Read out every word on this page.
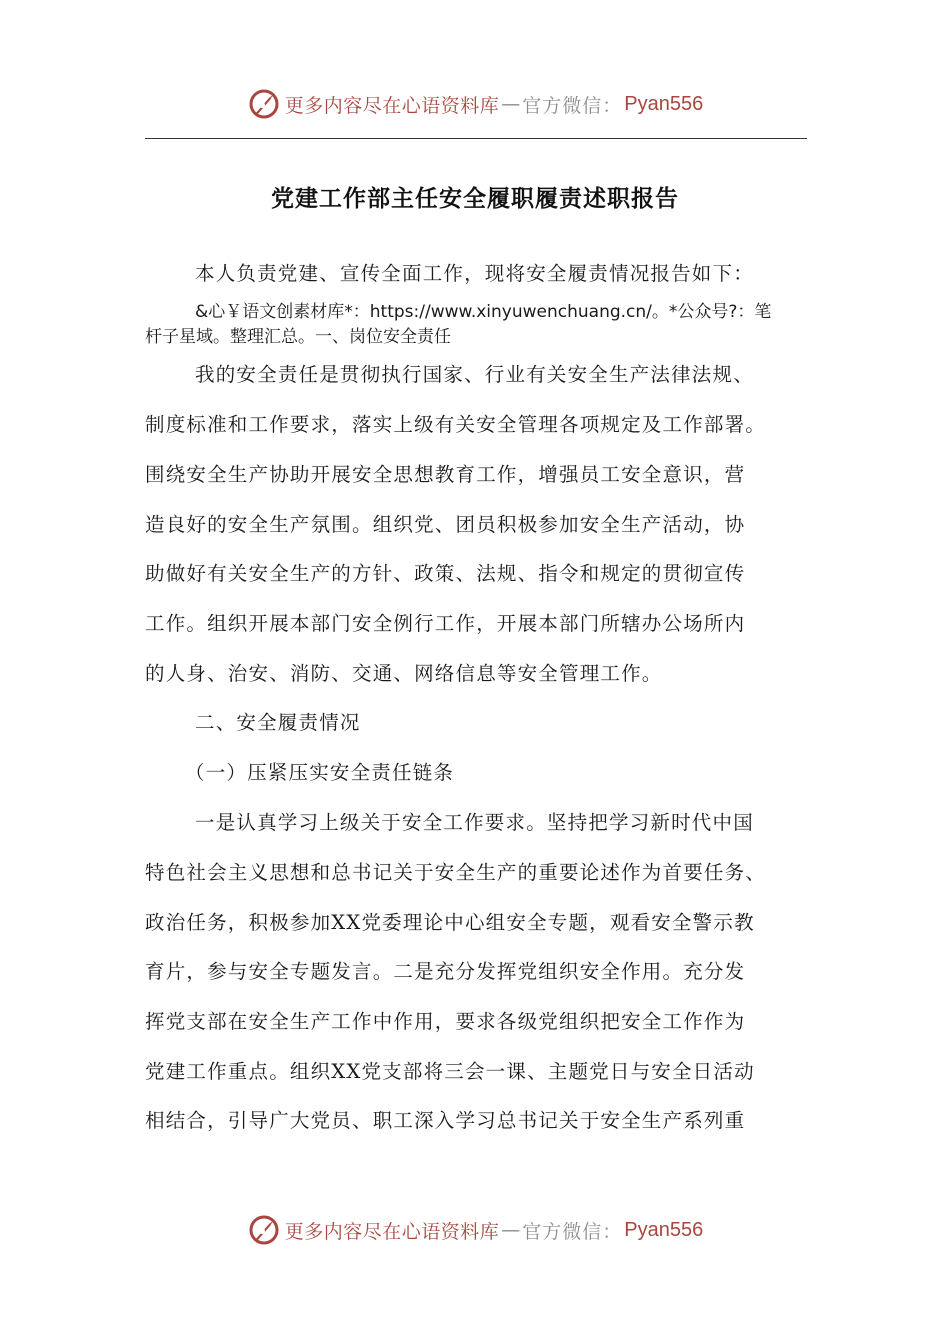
更多内容尽在心语资料库 — 官方微信： Pyan556
党建工作部主任安全履职履责述职报告
本人负责党建、宣传全面工作，现将安全履责情况报告如下：
&心￥语文创素材库*：https://www.xinyuwenchuang.cn/。*公众号?：笔
杆子星域。整理汇总。一、岗位安全责任
我的安全责任是贯彻执行国家、行业有关安全生产法律法规、
制度标准和工作要求，落实上级有关安全管理各项规定及工作部署。
围绕安全生产协助开展安全思想教育工作，增强员工安全意识，营
造良好的安全生产氛围。组织党、团员积极参加安全生产活动，协
助做好有关安全生产的方针、政策、法规、指令和规定的贯彻宣传
工作。组织开展本部门安全例行工作，开展本部门所辖办公场所内
的人身、治安、消防、交通、网络信息等安全管理工作。
二、安全履责情况
（一）压紧压实安全责任链条
一是认真学习上级关于安全工作要求。坚持把学习新时代中国
特色社会主义思想和总书记关于安全生产的重要论述作为首要任务、
政治任务，积极参加XX党委理论中心组安全专题，观看安全警示教
育片，参与安全专题发言。二是充分发挥党组织安全作用。充分发
挥党支部在安全生产工作中作用，要求各级党组织把安全工作作为
党建工作重点。组织XX党支部将三会一课、主题党日与安全日活动
相结合，引导广大党员、职工深入学习总书记关于安全生产系列重
更多内容尽在心语资料库 — 官方微信： Pyan556
